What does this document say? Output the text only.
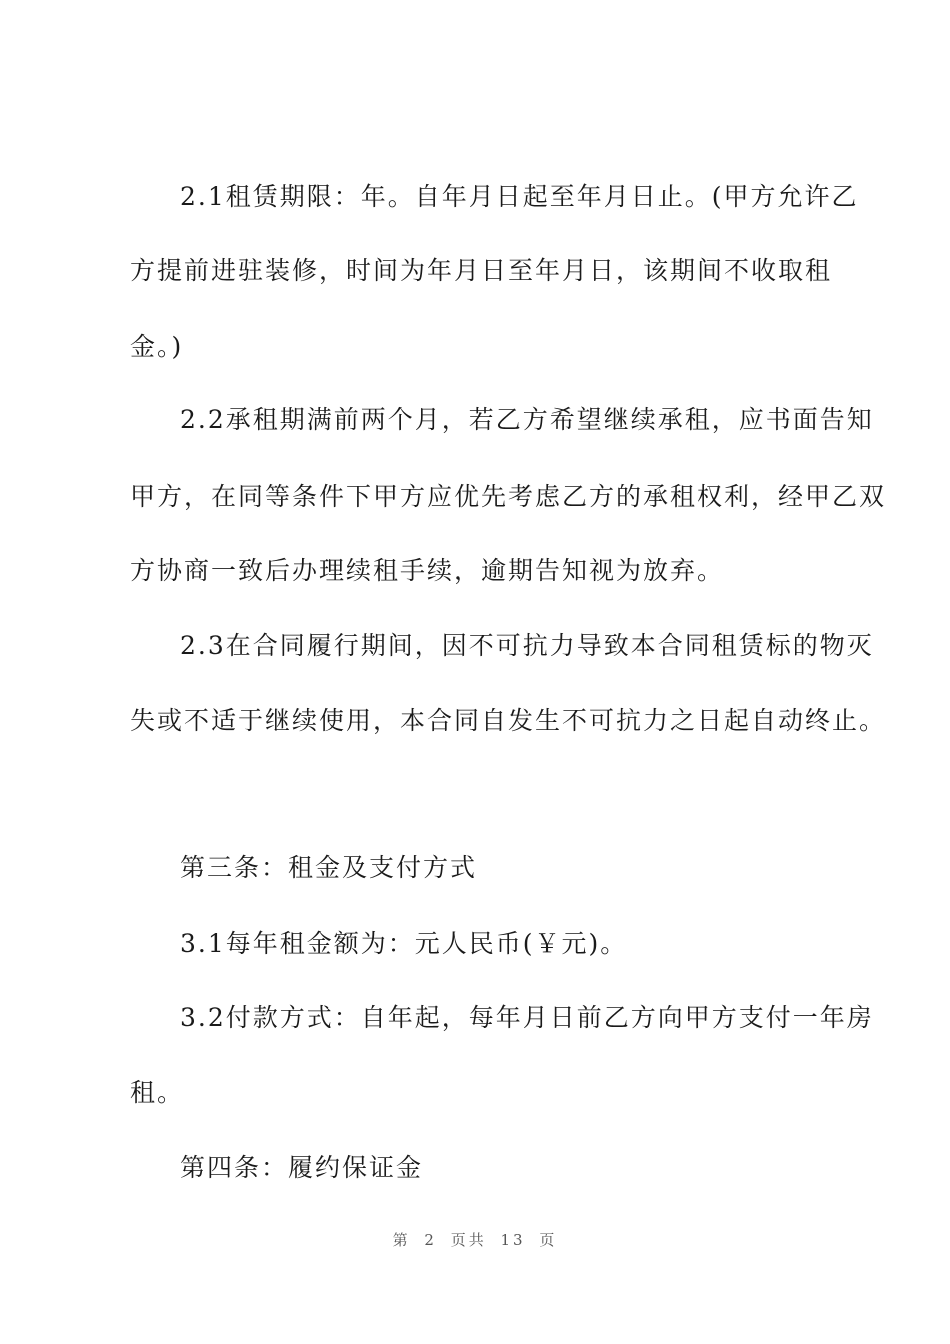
2.1租赁期限：年。自年月日起至年月日止。(甲方允许乙
方提前进驻装修，时间为年月日至年月日，该期间不收取租
金。)
2.2承租期满前两个月，若乙方希望继续承租，应书面告知
甲方，在同等条件下甲方应优先考虑乙方的承租权利，经甲乙双
方协商一致后办理续租手续，逾期告知视为放弃。
2.3在合同履行期间，因不可抗力导致本合同租赁标的物灭
失或不适于继续使用，本合同自发生不可抗力之日起自动终止。
第三条：租金及支付方式
3.1每年租金额为：元人民币(￥元)。
3.2付款方式：自年起，每年月日前乙方向甲方支付一年房
租。
第四条：履约保证金
第 2 页共 13 页
